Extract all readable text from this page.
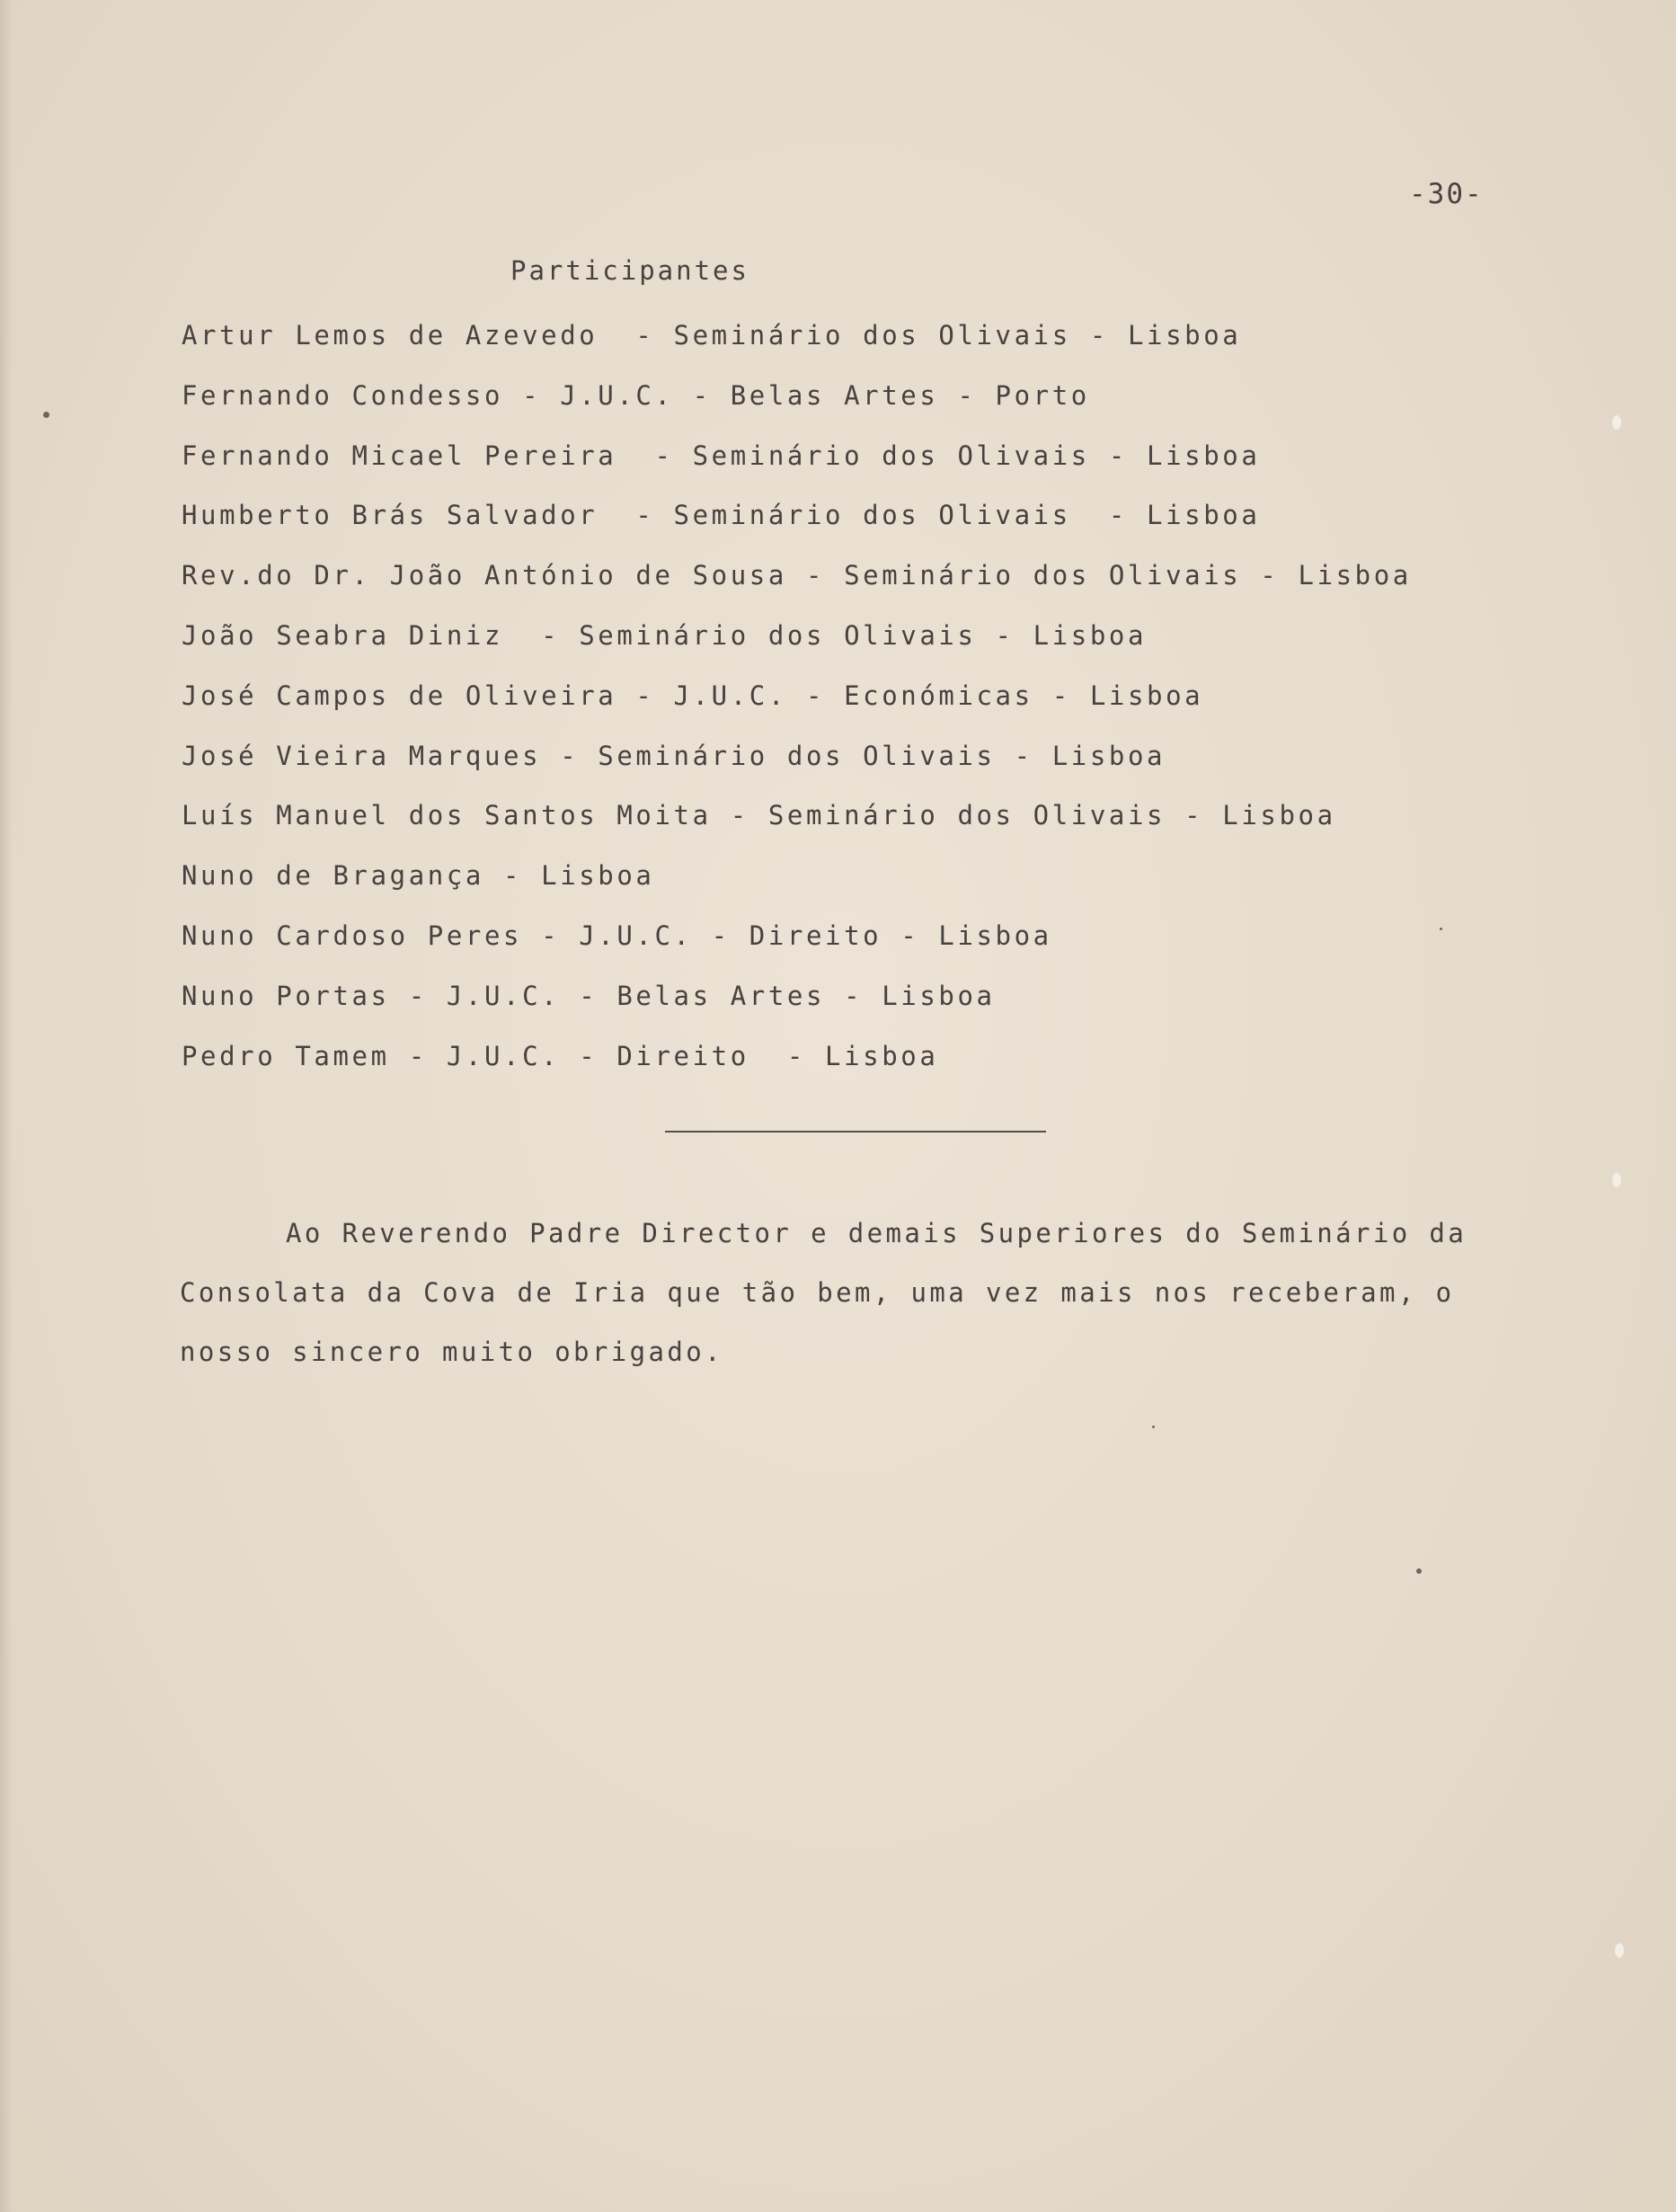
-30-
Participantes
Artur Lemos de Azevedo  - Seminário dos Olivais - Lisboa
Fernando Condesso - J.U.C. - Belas Artes - Porto
Fernando Micael Pereira  - Seminário dos Olivais - Lisboa
Humberto Brás Salvador  - Seminário dos Olivais  - Lisboa
Rev.do Dr. João António de Sousa - Seminário dos Olivais - Lisboa
João Seabra Diniz  - Seminário dos Olivais - Lisboa
José Campos de Oliveira - J.U.C. - Económicas - Lisboa
José Vieira Marques - Seminário dos Olivais - Lisboa
Luís Manuel dos Santos Moita - Seminário dos Olivais - Lisboa
Nuno de Bragança - Lisboa
Nuno Cardoso Peres - J.U.C. - Direito - Lisboa
Nuno Portas - J.U.C. - Belas Artes - Lisboa
Pedro Tamem - J.U.C. - Direito  - Lisboa

Ao Reverendo Padre Director e demais Superiores do Seminário da Consolata da Cova de Iria que tão bem, uma vez mais nos receberam, o nosso sincero muito obrigado.
